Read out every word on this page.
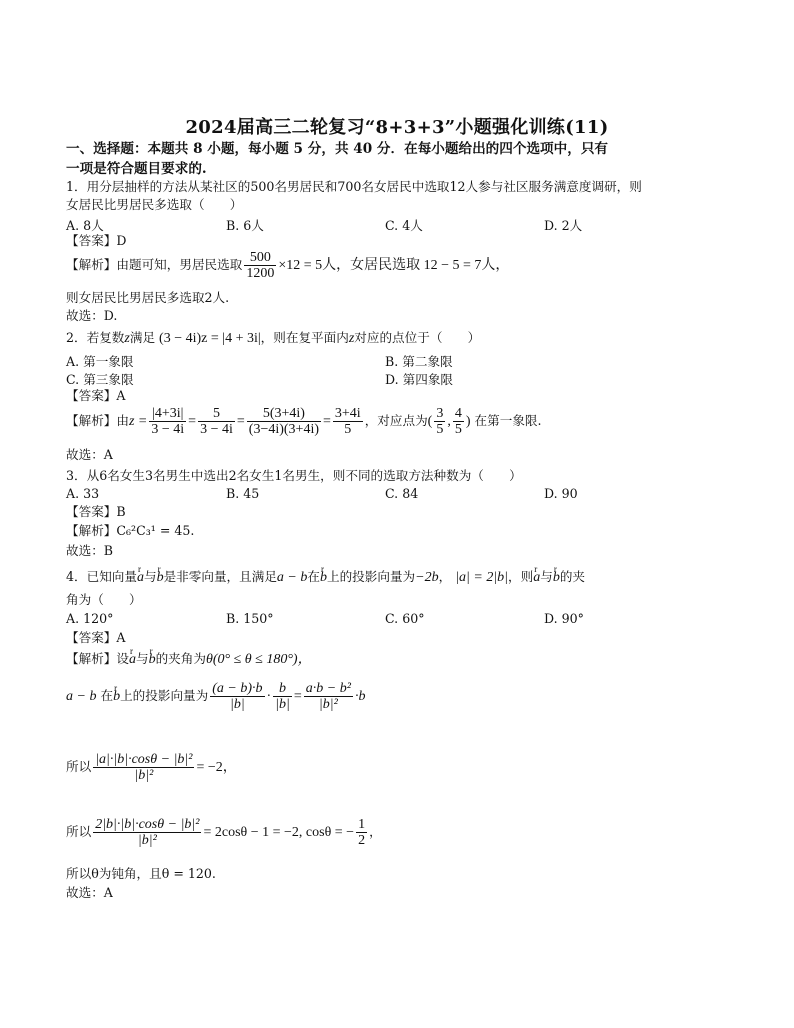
2024届高三二轮复习“8+3+3”小题强化训练(11)
一、选择题：本题共 8 小题，每小题 5 分，共 40 分．在每小题给出的四个选项中，只有
一项是符合题目要求的.
1．用分层抽样的方法从某社区的500名男居民和700名女居民中选取12人参与社区服务满意度调研，则
女居民比男居民多选取（　　）
A. 8人	B. 6人	C. 4人	D. 2人
【答案】D
【解析】由题可知，男居民选取 $\frac{500}{1200} \times 12 = 5$人，女居民选取 12 − 5 = 7人，
则女居民比男居民多选取2人.
故选：D.
2．若复数z满足 (3 − 4i)z = |4 + 3i|，则在复平面内z对应的点位于（　　）
A. 第一象限	B. 第二象限
C. 第三象限	D. 第四象限
【答案】A
【解析】由$z = \frac{|4+3i|}{3 - 4i} = \frac{5}{3 - 4i} = \frac{5(3+4i)}{(3-4i)(3+4i)} = \frac{3+4i}{5}$ ，对应点为( $\frac{3}{5}$ , $\frac{4}{5}$ ) 在第一象限.
故选：A
3．从6名女生3名男生中选出2名女生1名男生，则不同的选取方法种数为（　　）
A. 33	B. 45	C. 84	D. 90
【答案】B
【解析】C₆²C₃¹ = 45.
故选：B
4．已知向量r a与r b是非零向量，且满足a − b在r b上的投影向量为−2b， |a| = 2|b|，则r a与r b的夹
角为（　　）
A. 120°	B. 150°	C. 60°	D. 90°
【答案】A
【解析】设r a与r b的夹角为θ(0° ≤ θ ≤ 180°)，
a − b 在r b上的投影向量为 $\frac{(a - b)\cdot b}{|b|} \cdot \frac{b}{|b|} = \frac{\text{a·b − b²}}{\text{|b|²}} \cdot b$
所以 $\frac{\text{|a|·|b|·cosθ − |b|²}}{\text{|b|²}} = -2$，
所以 $\frac{\text{2|b|·|b|·cosθ − |b|²}}{\text{|b|²}} = 2\cos\theta - 1 = -2$, cosθ = − $\frac{1}{2}$ ，
所以θ为钝角，且θ = 120.
故选：A
